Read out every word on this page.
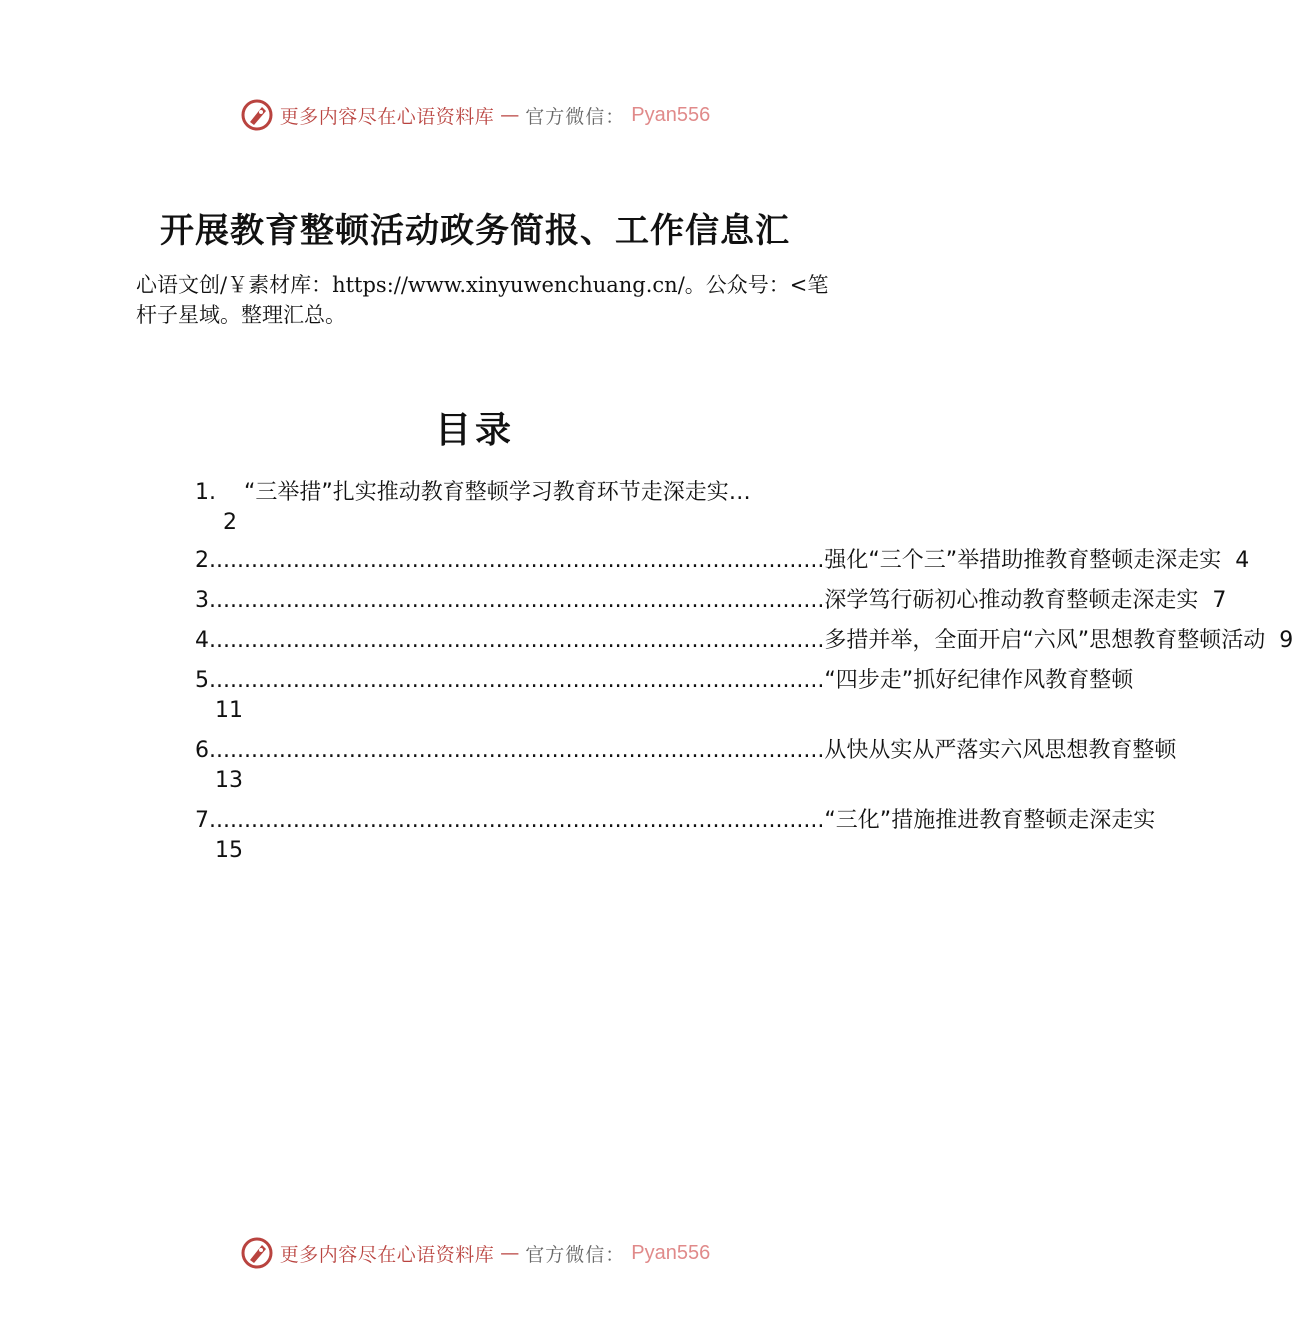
更多内容尽在心语资料库 — 官方微信： Pyan556
开展教育整顿活动政务简报、工作信息汇
心语文创/￥素材库：https://www.xinyuwenchuang.cn/。公众号：<笔杆子星域。整理汇总。
目录
1. “三举措”扎实推动教育整顿学习教育环节走深走实…
2
2 ........................................................................................ 强化“三个三”举措助推教育整顿走深走实 4
3 ........................................................................................ 深学笃行砺初心推动教育整顿走深走实 7
4 ........................................................................................ 多措并举，全面开启“六风”思想教育整顿活动 9
5 ........................................................................................ “四步走”抓好纪律作风教育整顿
11
6 ........................................................................................ 从快从实从严落实六风思想教育整顿
13
7 ........................................................................................ “三化”措施推进教育整顿走深走实
15
更多内容尽在心语资料库 — 官方微信： Pyan556
